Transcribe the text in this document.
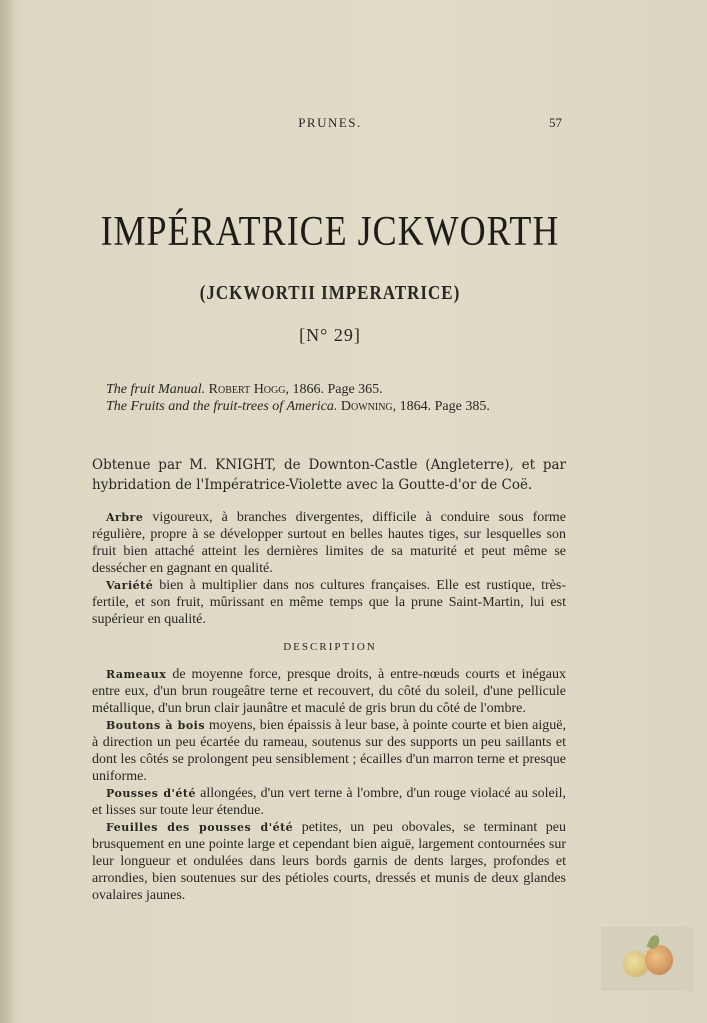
PRUNES.	57
IMPÉRATRICE JCKWORTH
(JCKWORTII IMPERATRICE)
[N° 29]
The fruit Manual. Robert Hogg, 1866. Page 365.
The Fruits and the fruit-trees of America. Downing, 1864. Page 385.
Obtenue par M. KNIGHT, de Downton-Castle (Angleterre), et par hybridation de l'Impératrice-Violette avec la Goutte-d'or de Coë.

Arbre vigoureux, à branches divergentes, difficile à conduire sous forme régulière, propre à se développer surtout en belles hautes tiges, sur lesquelles son fruit bien attaché atteint les dernières limites de sa maturité et peut même se dessécher en gagnant en qualité.

Variété bien à multiplier dans nos cultures françaises. Elle est rustique, très-fertile, et son fruit, mûrissant en même temps que la prune Saint-Martin, lui est supérieur en qualité.

DESCRIPTION

Rameaux de moyenne force, presque droits, à entre-nœuds courts et inégaux entre eux, d'un brun rougeâtre terne et recouvert, du côté du soleil, d'une pellicule métallique, d'un brun clair jaunâtre et maculé de gris brun du côté de l'ombre.

Boutons à bois moyens, bien épaissis à leur base, à pointe courte et bien aiguë, à direction un peu écartée du rameau, soutenus sur des supports un peu saillants et dont les côtés se prolongent peu sensiblement ; écailles d'un marron terne et presque uniforme.

Pousses d'été allongées, d'un vert terne à l'ombre, d'un rouge violacé au soleil, et lisses sur toute leur étendue.

Feuilles des pousses d'été petites, un peu obovales, se terminant peu brusquement en une pointe large et cependant bien aiguë, largement contournées sur leur longueur et ondulées dans leurs bords garnis de dents larges, profondes et arrondies, bien soutenues sur des pétioles courts, dressés et munis de deux glandes ovalaires jaunes.
